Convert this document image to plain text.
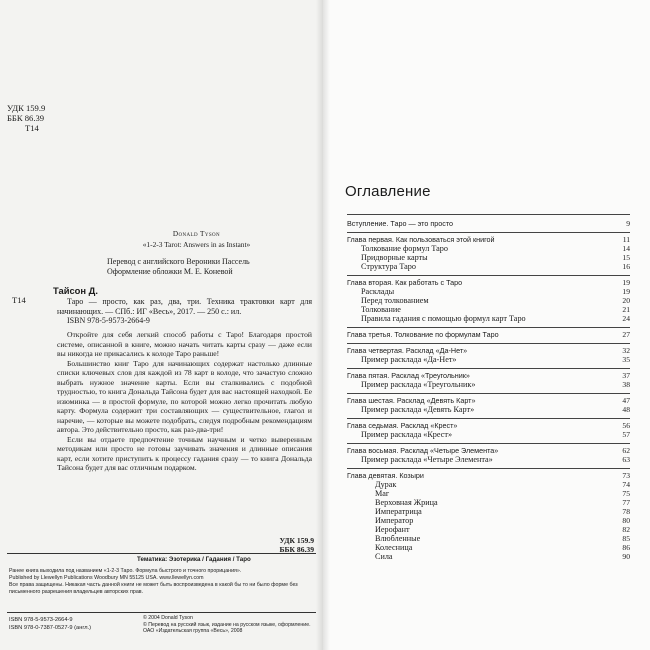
УДК 159.9
ББК 86.39
Т14
Donald Tyson
«1-2-3 Tarot: Answers in as Instant»
Перевод с английского Вероники Пассель
Оформление обложки М. Е. Коневой
Т14
Тайсон Д.

Таро — просто, как раз, два, три. Техника трактовки карт для начинающих. — СПб.: ИГ «Весь», 2017. — 250 с.: ил.

ISBN 978-5-9573-2664-9

Откройте для себя легкий способ работы с Таро! Благодаря простой системе, описанной в книге, можно начать читать карты сразу — даже если вы никогда не прикасались к колоде Таро раньше!

Большинство книг Таро для начинающих содержат настолько длинные списки ключевых слов для каждой из 78 карт в колоде, что зачастую сложно выбрать нужное значение карты. Если вы сталкивались с подобной трудностью, то книга Дональда Тайсона будет для вас настоящей находкой. Ее изюминка — в простой формуле, по которой можно легко прочитать любую карту. Формула содержит три составляющих — существительное, глагол и наречие, — которые вы можете подобрать, следуя подробным рекомендациям автора. Это действительно просто, как раз-два-три!

Если вы отдаете предпочтение точным научным и четко выверенным методикам или просто не готовы заучивать значения и длинные описания карт, если хотите приступить к процессу гадания сразу — то книга Дональда Тайсона будет для вас отличным подарком.

УДК 159.9
ББК 86.39
Тематика: Эзотерика / Гадания / Таро
Ранее книга выходила под названием «1-2-3 Таро. Формула быстрого и точного прорицания».
Published by Llewellyn Publications Woodbury MN 55125 USA. www.llewellyn.com
Все права защищены. Никакая часть данной книги не может быть воспроизведена в какой бы то ни было форме без письменного разрешения владельцев авторских прав.
ISBN 978-5-9573-2664-9
ISBN 978-0-7387-0527-9 (англ.)
© 2004 Donald Tyson
© Перевод на русский язык, издание на русском языке, оформление. ОАО «Издательская группа «Весь», 2008
Оглавление
Вступление. Таро — это просто	9
Глава первая. Как пользоваться этой книгой	11
Толкование формул Таро	14
Придворные карты	15
Структура Таро	16
Глава вторая. Как работать с Таро	19
Расклады	19
Перед толкованием	20
Толкование	21
Правила гадания с помощью формул карт Таро	24
Глава третья. Толкование по формулам Таро	27
Глава четвертая. Расклад «Да-Нет»	32
Пример расклада «Да-Нет»	35
Глава пятая. Расклад «Треугольник»	37
Пример расклада «Треугольник»	38
Глава шестая. Расклад «Девять Карт»	47
Пример расклада «Девять Карт»	48
Глава седьмая. Расклад «Крест»	56
Пример расклада «Крест»	57
Глава восьмая. Расклад «Четыре Элемента»	62
Пример расклада «Четыре Элемента»	63
Глава девятая. Козыри	73
Дурак	74
Маг	75
Верховная Жрица	77
Императрица	78
Император	80
Иерофант	82
Влюбленные	85
Колесница	86
Сила	90
